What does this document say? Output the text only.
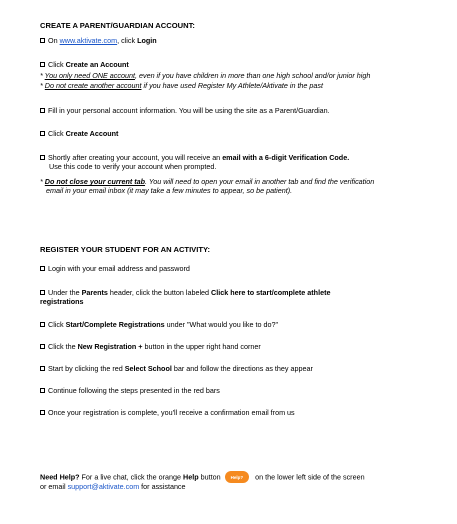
CREATE A PARENT/GUARDIAN ACCOUNT:
On www.aktivate.com, click Login
Click Create an Account
* You only need ONE account, even if you have children in more than one high school and/or junior high
* Do not create another account if you have used Register My Athlete/Aktivate in the past
Fill in your personal account information. You will be using the site as a Parent/Guardian.
Click Create Account
Shortly after creating your account, you will receive an email with a 6-digit Verification Code.
Use this code to verify your account when prompted.
* Do not close your current tab. You will need to open your email in another tab and find the verification
email in your email inbox (it may take a few minutes to appear, so be patient).
REGISTER YOUR STUDENT FOR AN ACTIVITY:
Login with your email address and password
Under the Parents header, click the button labeled Click here to start/complete athlete
registrations
Click Start/Complete Registrations under "What would you like to do?"
Click the New Registration + button in the upper right hand corner
Start by clicking the red Select School bar and follow the directions as they appear
Continue following the steps presented in the red bars
Once your registration is complete, you'll receive a confirmation email from us
Need Help? For a live chat, click the orange Help button Help? on the lower left side of the screen
or email support@aktivate.com for assistance
